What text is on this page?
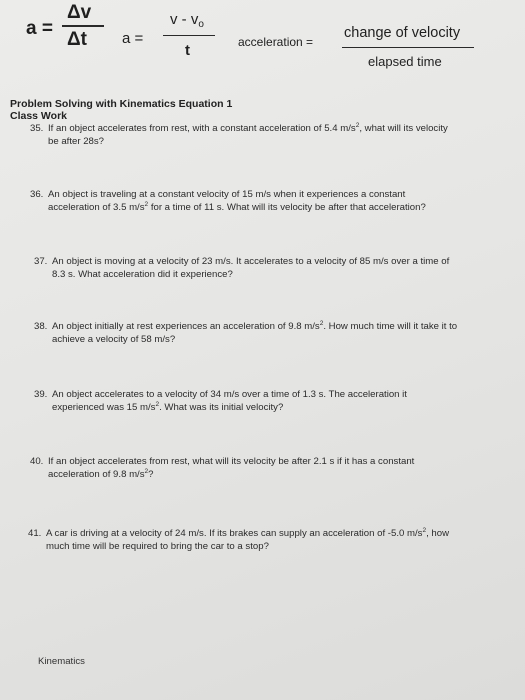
a =
Δv
Δt a =
v - $v_o$
t	acceleration =
change of velocity
elapsed time
Problem Solving with Kinematics Equation 1
Class Work
35. If an object accelerates from rest, with a constant acceleration of 5.4 $m/s^2$, what will its velocity
be after 28s?
36. An object is traveling at a constant velocity of 15 m/s when it experiences a constant
acceleration of 3.5 $m/s^2$ for a time of 11 s. What will its velocity be after that acceleration?
37. An object is moving at a velocity of 23 m/s. It accelerates to a velocity of 85 m/s over a time of
8.3 s. What acceleration did it experience?
38. An object initially at rest experiences an acceleration of 9.8 $m/s^2$. How much time will it take it to
achieve a velocity of 58 m/s?
39. An object accelerates to a velocity of 34 m/s over a time of 1.3 s. The acceleration it
experienced was 15 $m/s^2$. What was its initial velocity?
40. If an object accelerates from rest, what will its velocity be after 2.1 s if it has a constant
acceleration of 9.8 $m/s^2$?
41. A car is driving at a velocity of 24 m/s. If its brakes can supply an acceleration of -5.0 $m/s^2$, how
much time will be required to bring the car to a stop?
Kinematics
